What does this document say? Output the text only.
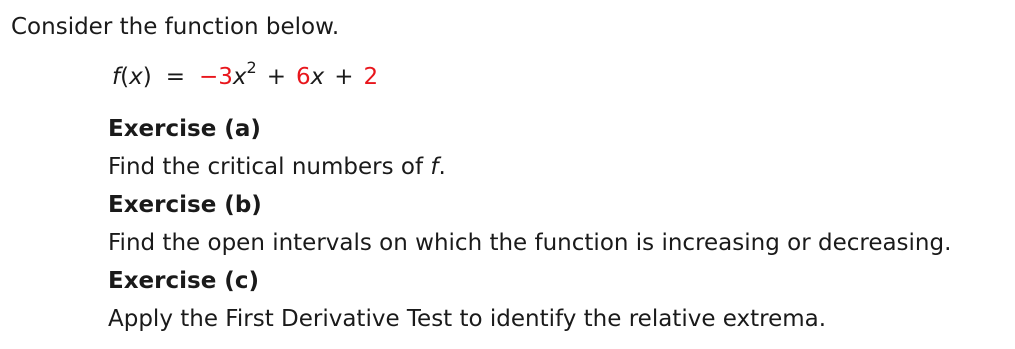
Consider the function below.
$f(x) = -3x^2 + 6x + 2$
Exercise (a)
Find the critical numbers of f.
Exercise (b)
Find the open intervals on which the function is increasing or decreasing.
Exercise (c)
Apply the First Derivative Test to identify the relative extrema.
